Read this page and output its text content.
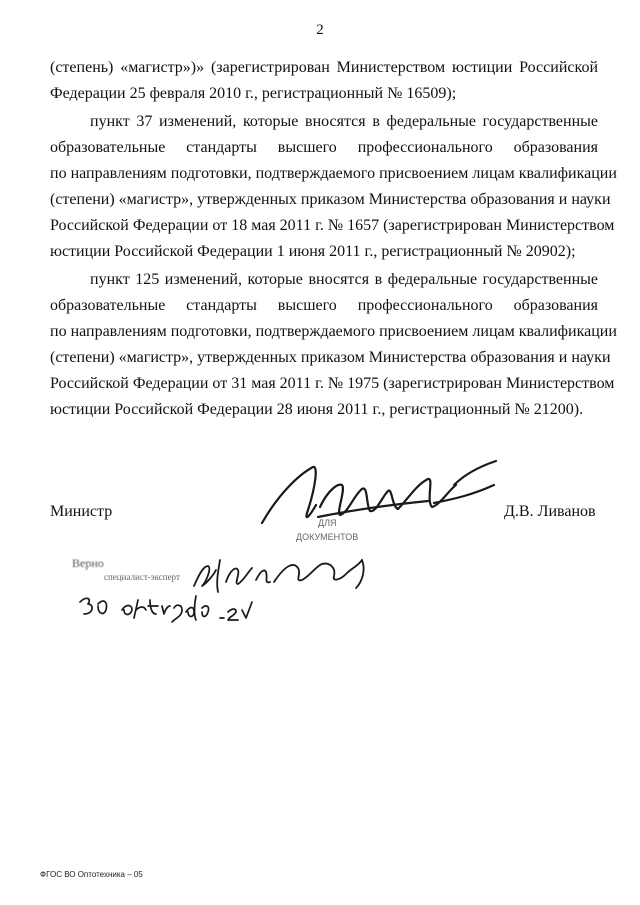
2
(степень) «магистр»)» (зарегистрирован Министерством юстиции Российской
Федерации 25 февраля 2010 г., регистрационный № 16509);
пункт 37 изменений, которые вносятся в федеральные государственные
образовательные стандарты высшего профессионального образования
по направлениям подготовки, подтверждаемого присвоением лицам квалификации
(степени) «магистр», утвержденных приказом Министерства образования и науки
Российской Федерации от 18 мая 2011 г. № 1657 (зарегистрирован Министерством
юстиции Российской Федерации 1 июня 2011 г., регистрационный № 20902);
пункт 125 изменений, которые вносятся в федеральные государственные
образовательные стандарты высшего профессионального образования
по направлениям подготовки, подтверждаемого присвоением лицам квалификации
(степени) «магистр», утвержденных приказом Министерства образования и науки
Российской Федерации от 31 мая 2011 г. № 1975 (зарегистрирован Министерством
юстиции Российской Федерации 28 июня 2011 г., регистрационный № 21200).
ДЛЯ
ДОКУМЕНТОВ
Министр	Д.В. Ливанов
Верно
специалист-эксперт
ФГОС ВО Оптотехника – 05
